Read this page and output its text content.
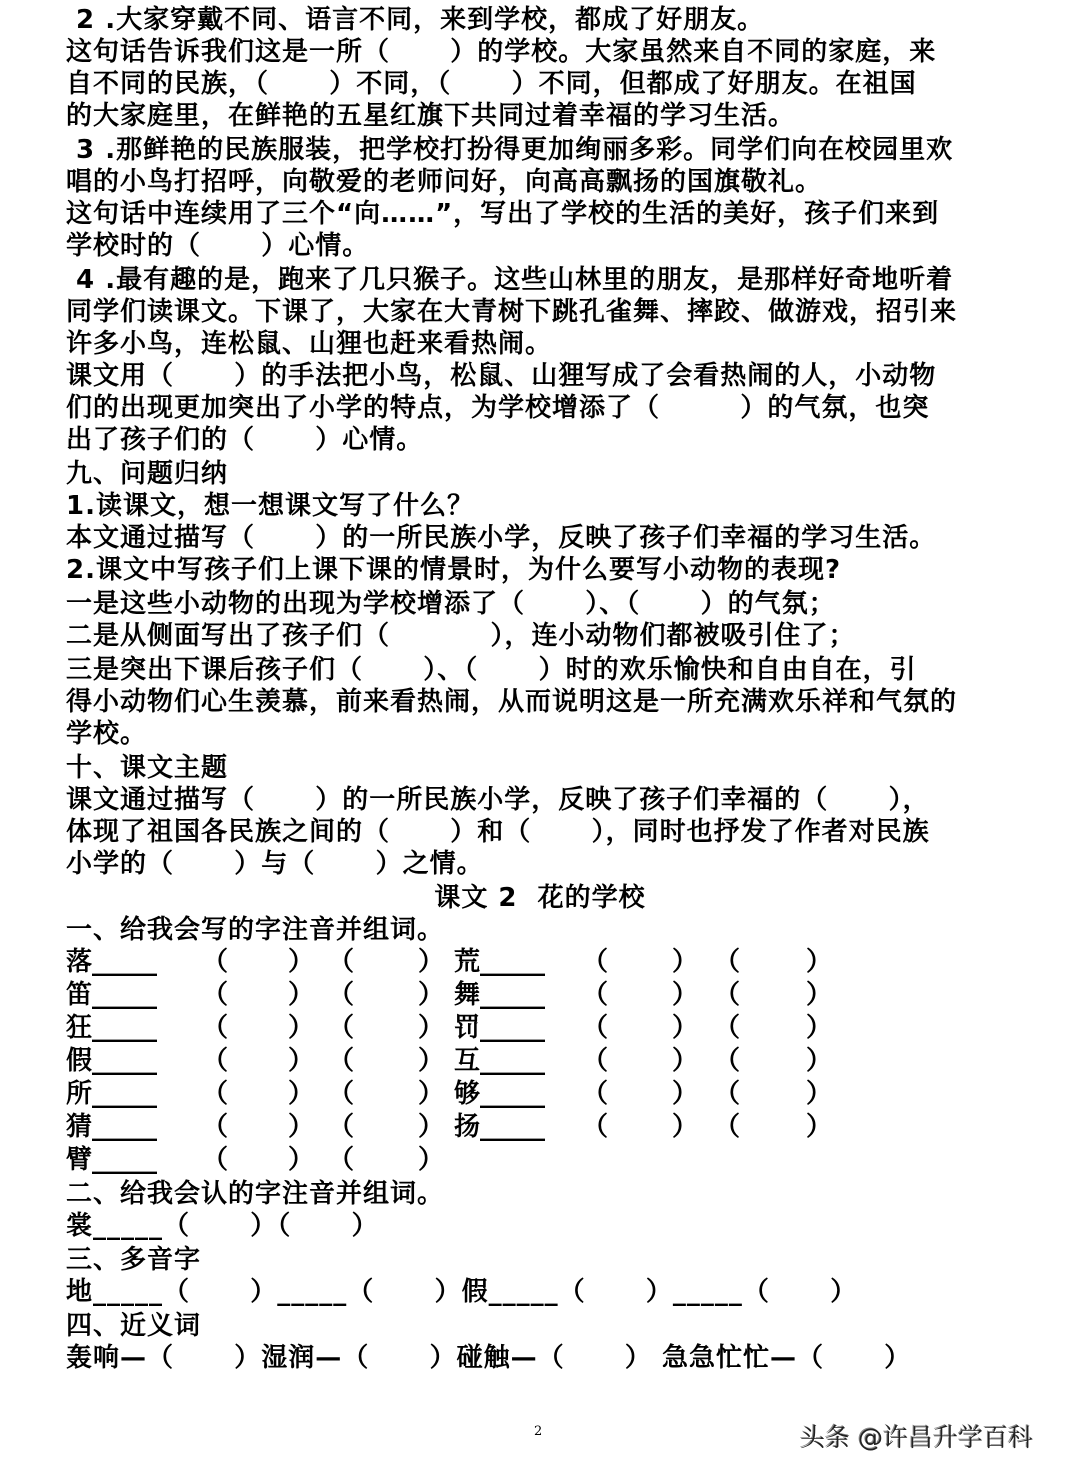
2 .大家穿戴不同、语言不同，来到学校，都成了好朋友。
这句话告诉我们这是一所（      ）的学校。大家虽然来自不同的家庭，来
自不同的民族，（      ）不同，（      ）不同，但都成了好朋友。在祖国
的大家庭里，在鲜艳的五星红旗下共同过着幸福的学习生活。
3 .那鲜艳的民族服装，把学校打扮得更加绚丽多彩。同学们向在校园里欢
唱的小鸟打招呼，向敬爱的老师问好，向高高飘扬的国旗敬礼。
这句话中连续用了三个“向……”，写出了学校的生活的美好，孩子们来到
学校时的（      ）心情。
4 .最有趣的是，跑来了几只猴子。这些山林里的朋友，是那样好奇地听着
同学们读课文。下课了，大家在大青树下跳孔雀舞、摔跤、做游戏，招引来
许多小鸟，连松鼠、山狸也赶来看热闹。
课文用（      ）的手法把小鸟，松鼠、山狸写成了会看热闹的人，小动物
们的出现更加突出了小学的特点，为学校增添了（        ）的气氛，也突
出了孩子们的（      ）心情。
九、问题归纳
1.读课文，想一想课文写了什么？
本文通过描写（      ）的一所民族小学，反映了孩子们幸福的学习生活。
2.课文中写孩子们上课下课的情景时，为什么要写小动物的表现?
一是这些小动物的出现为学校增添了（      ）、（      ）的气氛；
二是从侧面写出了孩子们（          ），连小动物们都被吸引住了；
三是突出下课后孩子们（      ）、（      ）时的欢乐愉快和自由自在，引
得小动物们心生羡慕，前来看热闹，从而说明这是一所充满欢乐祥和气氛的
学校。
十、课文主题
课文通过描写（      ）的一所民族小学，反映了孩子们幸福的（      ），
体现了祖国各民族之间的（      ）和（      ），同时也抒发了作者对民族
小学的（      ）与（      ）之情。
课文 2  花的学校
一、给我会写的字注音并组词。
落_____ （ ） （ ） 荒_____ （ ） （	）
笛_____ （ ） （ ） 舞_____ （ ） （	）
狂_____ （ ） （ ） 罚_____ （ ） （	）
假_____ （ ） （ ） 互_____ （ ） （	）
所_____ （ ） （ ） 够_____ （ ） （	）
猜_____ （ ） （ ） 扬_____ （ ） （	）
臂_____ （ ） （ ）
二、给我会认的字注音并组词。
裳_____（      ）（      ）
三、多音字
地_____（      ）_____（      ）假_____（      ）_____（      ）
四、近义词
轰响—（      ）湿润—（      ）碰触—（      ） 急急忙忙—（      ）
2	头条 @许昌升学百科
